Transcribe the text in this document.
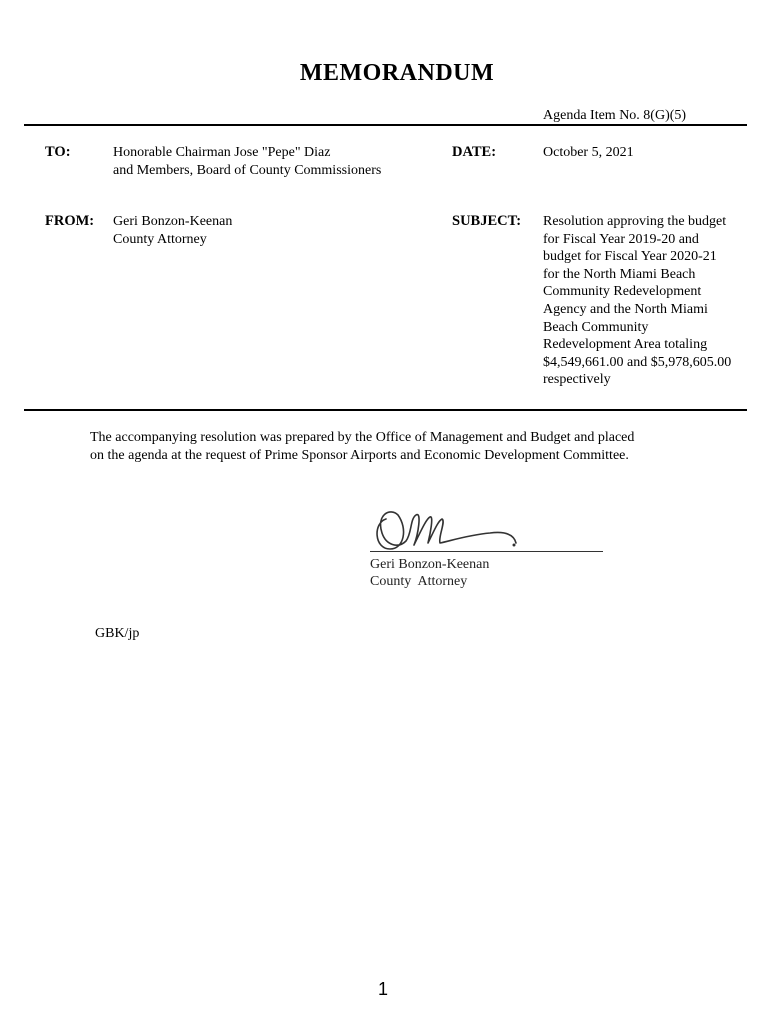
MEMORANDUM
Agenda Item No. 8(G)(5)
TO:	Honorable Chairman Jose "Pepe" Diaz
and Members, Board of County Commissioners
DATE:	October 5, 2021
FROM: Geri Bonzon-Keenan
County Attorney
SUBJECT: Resolution approving the budget
for Fiscal Year 2019-20 and
budget for Fiscal Year 2020-21
for the North Miami Beach
Community Redevelopment
Agency and the North Miami
Beach Community
Redevelopment Area totaling
$4,549,661.00 and $5,978,605.00
respectively
The accompanying resolution was prepared by the Office of Management and Budget and placed
on the agenda at the request of Prime Sponsor Airports and Economic Development Committee.
Geri Bonzon-Keenan
County  Attorney
GBK/jp
1
